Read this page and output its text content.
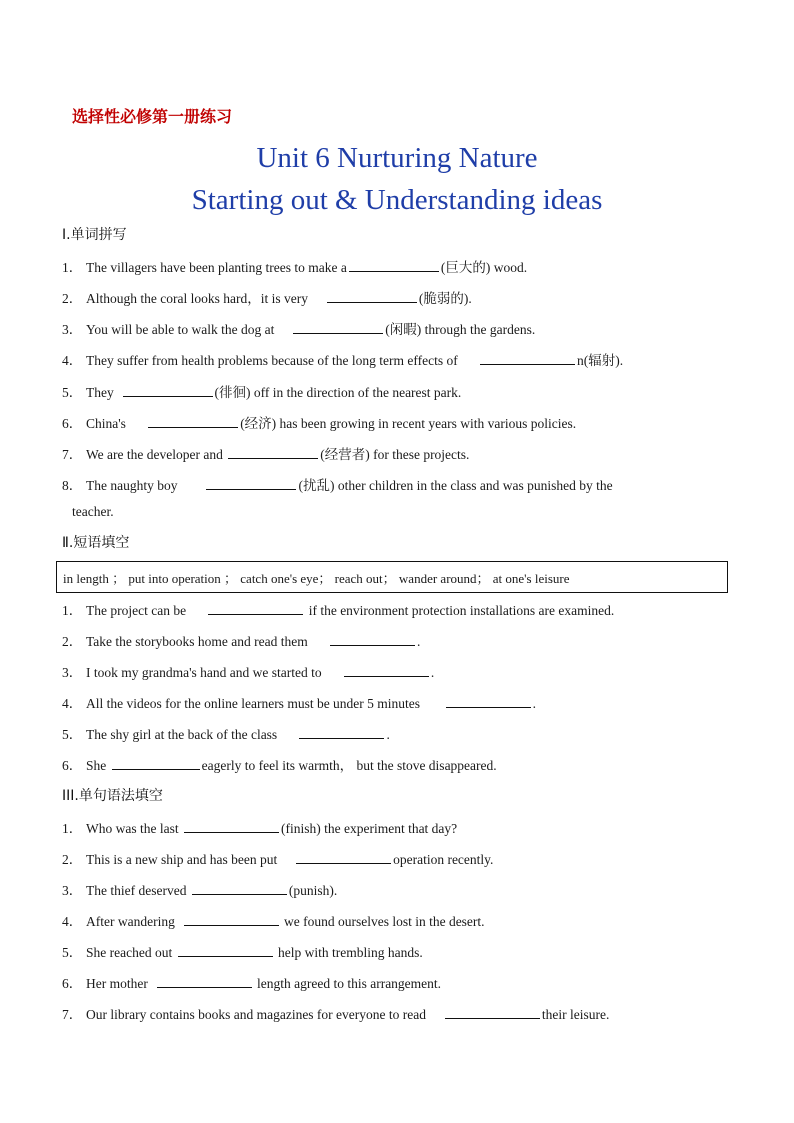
选择性必修第一册练习
Unit 6 Nurturing Nature
Starting out & Understanding ideas
Ⅰ.单词拼写
1． The villagers have been planting trees to make a	(巨大的) wood.
2． Although the coral looks hard，it is very	(脆弱的).
3． You will be able to walk the dog at	(闲暇) through the gardens.
4． They suffer from health problems because of the long term effects of	n(辐射).
5． They	(徘徊) off in the direction of the nearest park.
6． China's	(经济) has been growing in recent years with various policies.
7． We are the developer and	(经营者) for these projects.
8． The naughty boy	(扰乱) other children in the class and was punished by the
teacher.
Ⅱ.短语填空
in length ； put into operation ； catch one's eye； reach out； wander around； at one's leisure
1． The project can be	if the environment protection installations are examined.
2． Take the storybooks home and read them	.
3． I took my grandma's hand and we started to	.
4． All the videos for the online learners must be under 5 minutes	.
5． The shy girl at the back of the class	.
6． She	eagerly to feel its warmth， but the stove disappeared.
III.单句语法填空
1． Who was the last	(finish) the experiment that day?
2． This is a new ship and has been put	operation recently.
3． The thief deserved	(punish).
4． After wandering	we found ourselves lost in the desert.
5． She reached out	help with trembling hands.
6． Her mother	length agreed to this arrangement.
7． Our library contains books and magazines for everyone to read	their leisure.
